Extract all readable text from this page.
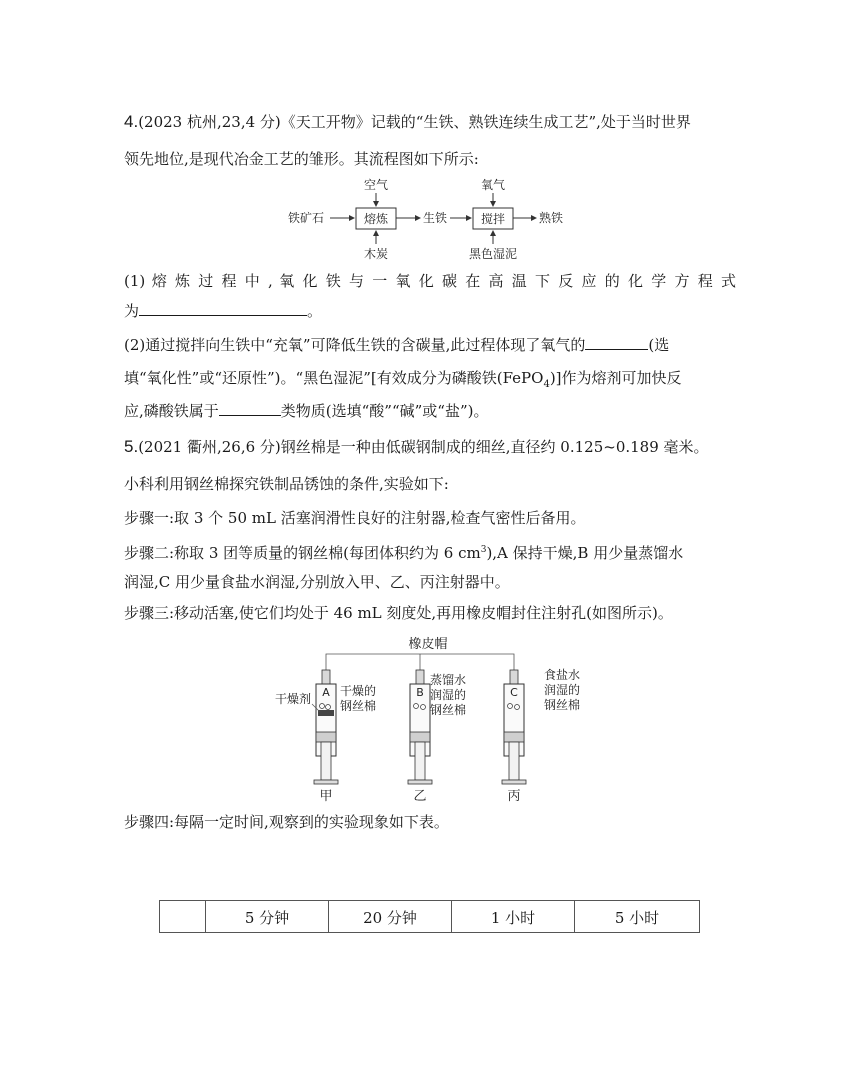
4.(2023 杭州,23,4 分)《天工开物》记载的“生铁、熟铁连续生成工艺”,处于当时世界
领先地位,是现代冶金工艺的雏形。其流程图如下所示:
空气	氧气
铁矿石	熔炼	生铁	搅拌	熟铁
木炭	黑色湿泥
(1) 熔 炼 过 程 中 , 氧 化 铁 与 一 氧 化 碳 在 高 温 下 反 应 的 化 学 方 程 式
为	。
(2)通过搅拌向生铁中“充氧”可降低生铁的含碳量,此过程体现了氧气的	(选
填“氧化性”或“还原性”)。“黑色湿泥”[有效成分为磷酸铁(FePO$_4$)]作为熔剂可加快反
应,磷酸铁属于	类物质(选填“酸”“碱”或“盐”)。
5.(2021 衢州,26,6 分)钢丝棉是一种由低碳钢制成的细丝,直径约 0.125~0.189 毫米。
小科利用钢丝棉探究铁制品锈蚀的条件,实验如下:
步骤一:取 3 个 50 mL 活塞润滑性良好的注射器,检查气密性后备用。
步骤二:称取 3 团等质量的钢丝棉(每团体积约为 6 $cm^3),A$ 保持干燥,B 用少量蒸馏水
润湿,C 用少量食盐水润湿,分别放入甲、乙、丙注射器中。
步骤三:移动活塞,使它们均处于 46 mL 刻度处,再用橡皮帽封住注射孔(如图所示)。
橡皮帽
A
干燥剂
干燥的
钢丝棉
甲
B
蒸馏水
润湿的
钢丝棉
乙
C
食盐水
润湿的
钢丝棉
丙
步骤四:每隔一定时间,观察到的实验现象如下表。
	5 分钟	20 分钟	1 小时	5 小时
